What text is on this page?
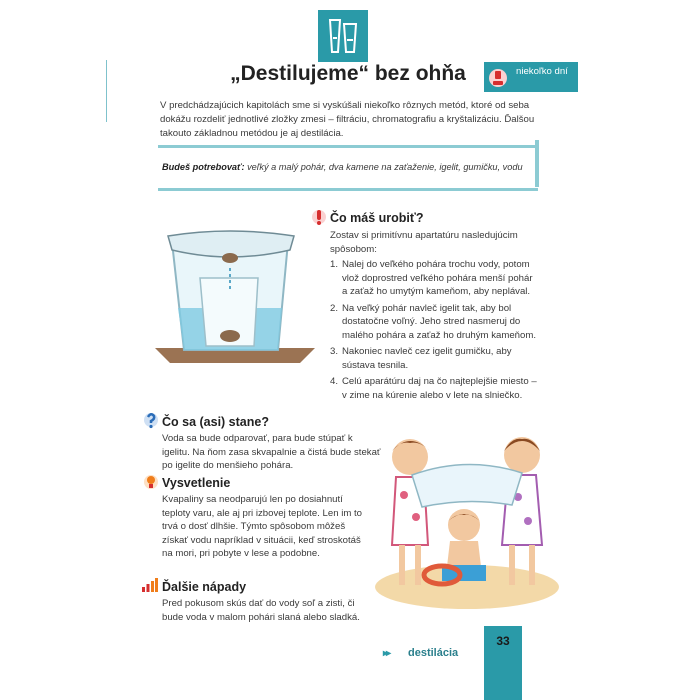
„Destilujeme“ bez ohňa	niekoľko dní
V predchádzajúcich kapitolách sme si vyskúšali niekoľko rôznych metód, ktoré od seba dokážu rozdeliť jednotlivé zložky zmesi – filtráciu, chromatografiu a kryštalizáciu. Ďalšou takouto základnou metódou je aj destilácia.
Budeš potrebovať: veľký a malý pohár, dva kamene na zaťaženie, igelit, gumičku, vodu
Čo máš urobiť?
Zostav si primitívnu apartatúru nasledujúcim spôsobom:
1. Nalej do veľkého pohára trochu vody, potom vlož doprostred veľkého pohára menší pohár a zaťaž ho umytým kameňom, aby neplával.
2. Na veľký pohár navleč igelit tak, aby bol dostatočne voľný. Jeho stred nasmeruj do malého pohára a zaťaž ho druhým kameňom.
3. Nakoniec navleč cez igelit gumičku, aby sústava tesnila.
4. Celú aparátúru daj na čo najteplejšie miesto – v zime na kúrenie alebo v lete na slniečko.
Čo sa (asi) stane?
Voda sa bude odparovať, para bude stúpať k igelitu. Na ňom zasa skvapalnie a čistá bude stekať po igelite do menšieho pohára.
Vysvetlenie
Kvapaliny sa neodparujú len po dosiahnutí teploty varu, ale aj pri izbovej teplote. Len im to trvá o dosť dlhšie. Týmto spôsobom môžeš získať vodu napríklad v situácii, keď stroskotáš na mori, pri pobyte v lese a podobne.
Ďalšie nápady
Pred pokusom skús dať do vody soľ a zisti, či bude voda v malom pohári slaná alebo sladká.
▸▸ destilácia
33
